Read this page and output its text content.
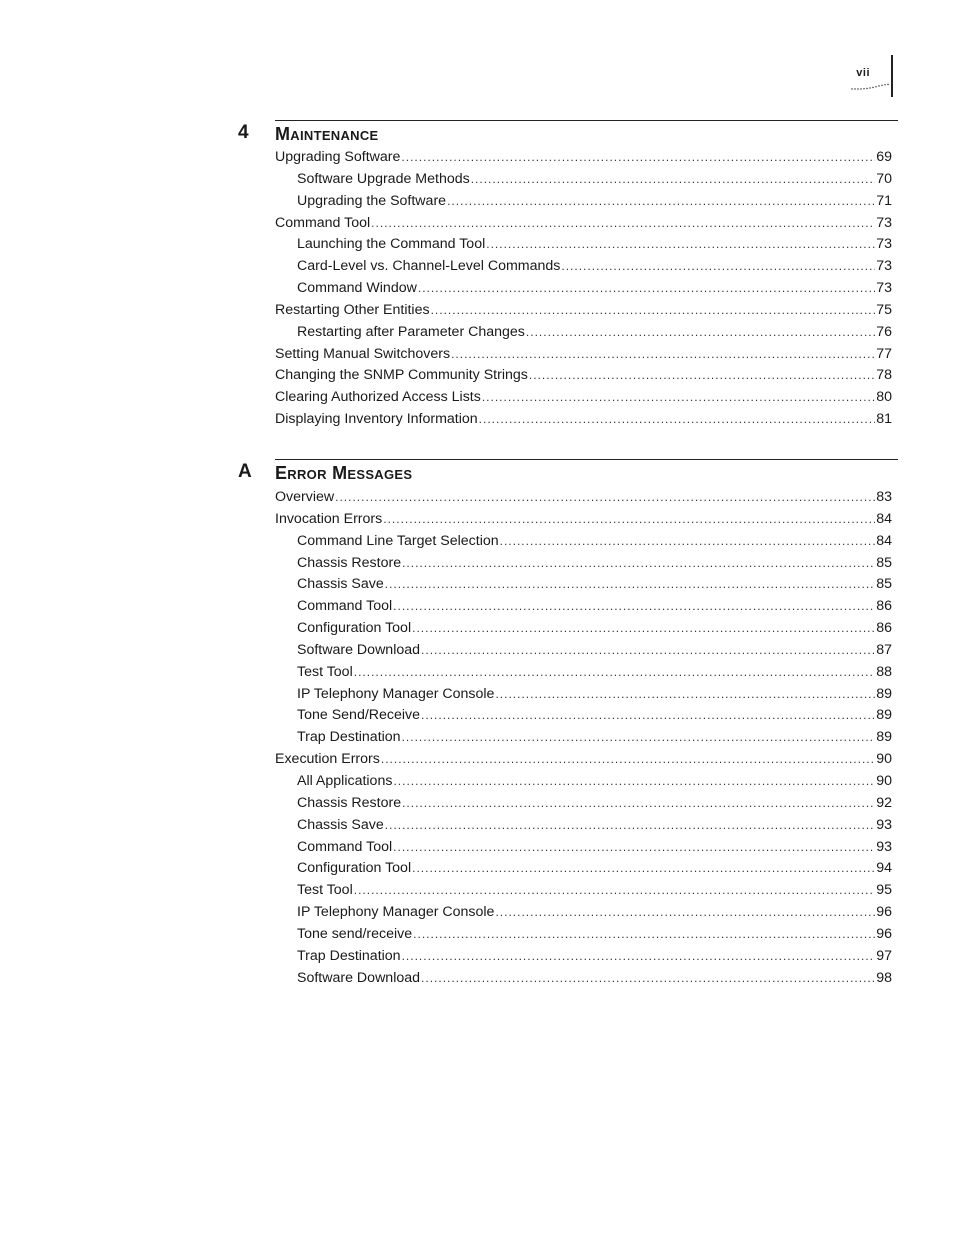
vii
4 Maintenance
Upgrading Software .....	69
Software Upgrade Methods .....	70
Upgrading the Software .....	71
Command Tool .....	73
Launching the Command Tool .....	73
Card-Level vs. Channel-Level Commands .....	73
Command Window .....	73
Restarting Other Entities .....	75
Restarting after Parameter Changes .....	76
Setting Manual Switchovers .....	77
Changing the SNMP Community Strings .....	78
Clearing Authorized Access Lists .....	80
Displaying Inventory Information .....	81
A Error Messages
Overview .....	83
Invocation Errors .....	84
Command Line Target Selection .....	84
Chassis Restore .....	85
Chassis Save .....	85
Command Tool .....	86
Configuration Tool .....	86
Software Download .....	87
Test Tool .....	88
IP Telephony Manager Console .....	89
Tone Send/Receive .....	89
Trap Destination .....	89
Execution Errors .....	90
All Applications .....	90
Chassis Restore .....	92
Chassis Save .....	93
Command Tool .....	93
Configuration Tool .....	94
Test Tool .....	95
IP Telephony Manager Console .....	96
Tone send/receive .....	96
Trap Destination .....	97
Software Download .....	98
